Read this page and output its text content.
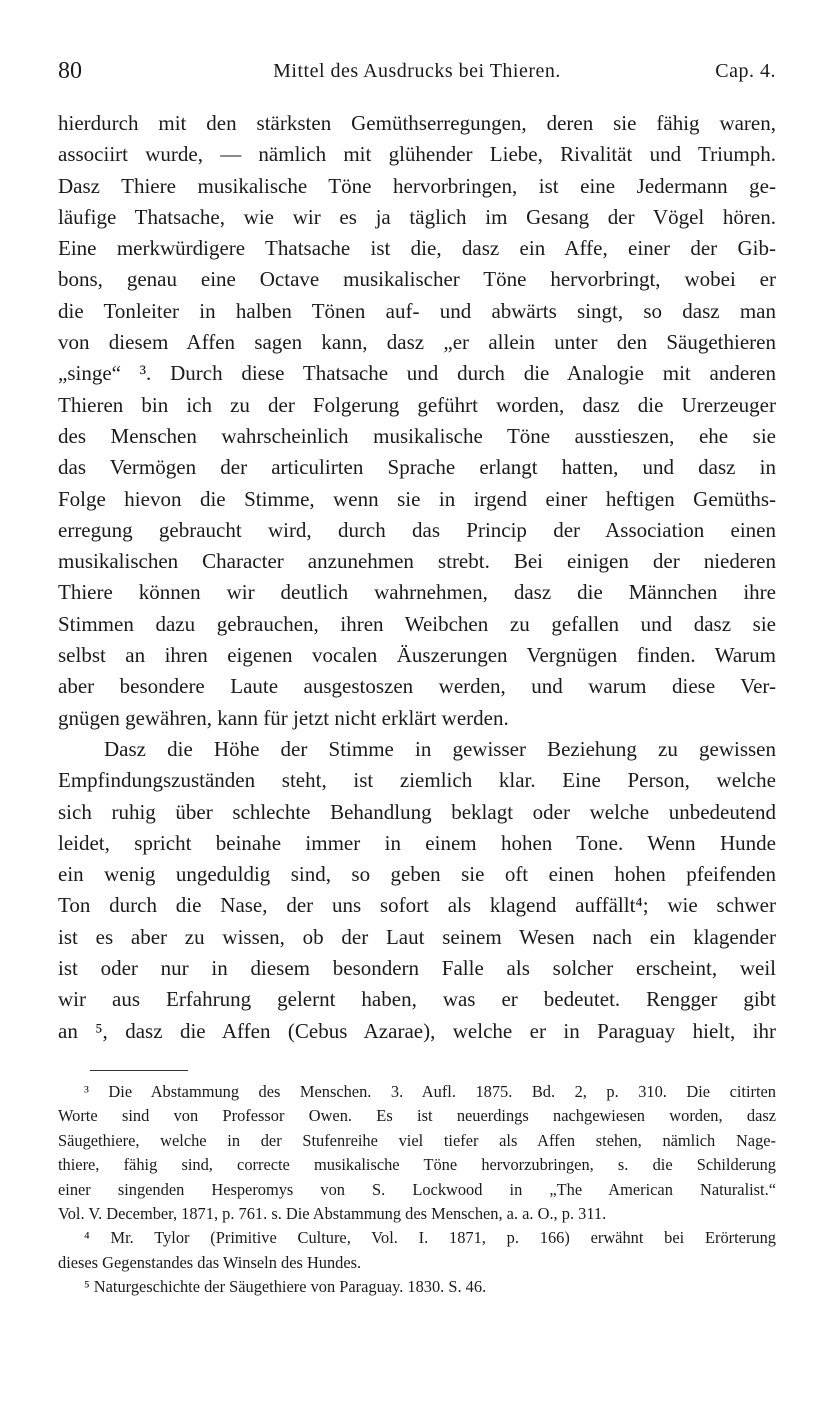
80	Mittel des Ausdrucks bei Thieren.	Cap. 4.
hierdurch mit den stärksten Gemüthserregungen, deren sie fähig waren,
associirt wurde, — nämlich mit glühender Liebe, Rivalität und Triumph.
Dasz Thiere musikalische Töne hervorbringen, ist eine Jedermann ge-
läufige Thatsache, wie wir es ja täglich im Gesang der Vögel hören.
Eine merkwürdigere Thatsache ist die, dasz ein Affe, einer der Gib-
bons, genau eine Octave musikalischer Töne hervorbringt, wobei er
die Tonleiter in halben Tönen auf- und abwärts singt, so dasz man
von diesem Affen sagen kann, dasz „er allein unter den Säugethieren
„singe“ ³. Durch diese Thatsache und durch die Analogie mit anderen
Thieren bin ich zu der Folgerung geführt worden, dasz die Urerzeuger
des Menschen wahrscheinlich musikalische Töne ausstieszen, ehe sie
das Vermögen der articulirten Sprache erlangt hatten, und dasz in
Folge hievon die Stimme, wenn sie in irgend einer heftigen Gemüths-
erregung gebraucht wird, durch das Princip der Association einen
musikalischen Character anzunehmen strebt. Bei einigen der niederen
Thiere können wir deutlich wahrnehmen, dasz die Männchen ihre
Stimmen dazu gebrauchen, ihren Weibchen zu gefallen und dasz sie
selbst an ihren eigenen vocalen Äuszerungen Vergnügen finden. Warum
aber besondere Laute ausgestoszen werden, und warum diese Ver-
gnügen gewähren, kann für jetzt nicht erklärt werden.
Dasz die Höhe der Stimme in gewisser Beziehung zu gewissen
Empfindungszuständen steht, ist ziemlich klar. Eine Person, welche
sich ruhig über schlechte Behandlung beklagt oder welche unbedeutend
leidet, spricht beinahe immer in einem hohen Tone. Wenn Hunde
ein wenig ungeduldig sind, so geben sie oft einen hohen pfeifenden
Ton durch die Nase, der uns sofort als klagend auffällt⁴; wie schwer
ist es aber zu wissen, ob der Laut seinem Wesen nach ein klagender
ist oder nur in diesem besondern Falle als solcher erscheint, weil
wir aus Erfahrung gelernt haben, was er bedeutet. Rengger gibt
an ⁵, dasz die Affen (Cebus Azarae), welche er in Paraguay hielt, ihr
³ Die Abstammung des Menschen. 3. Aufl. 1875. Bd. 2, p. 310. Die citirten
Worte sind von Professor Owen. Es ist neuerdings nachgewiesen worden, dasz
Säugethiere, welche in der Stufenreihe viel tiefer als Affen stehen, nämlich Nage-
thiere, fähig sind, correcte musikalische Töne hervorzubringen, s. die Schilderung
einer singenden Hesperomys von S. Lockwood in „The American Naturalist.“
Vol. V. December, 1871, p. 761. s. Die Abstammung des Menschen, a. a. O., p. 311.
⁴ Mr. Tylor (Primitive Culture, Vol. I. 1871, p. 166) erwähnt bei Erörterung
dieses Gegenstandes das Winseln des Hundes.
⁵ Naturgeschichte der Säugethiere von Paraguay. 1830. S. 46.
